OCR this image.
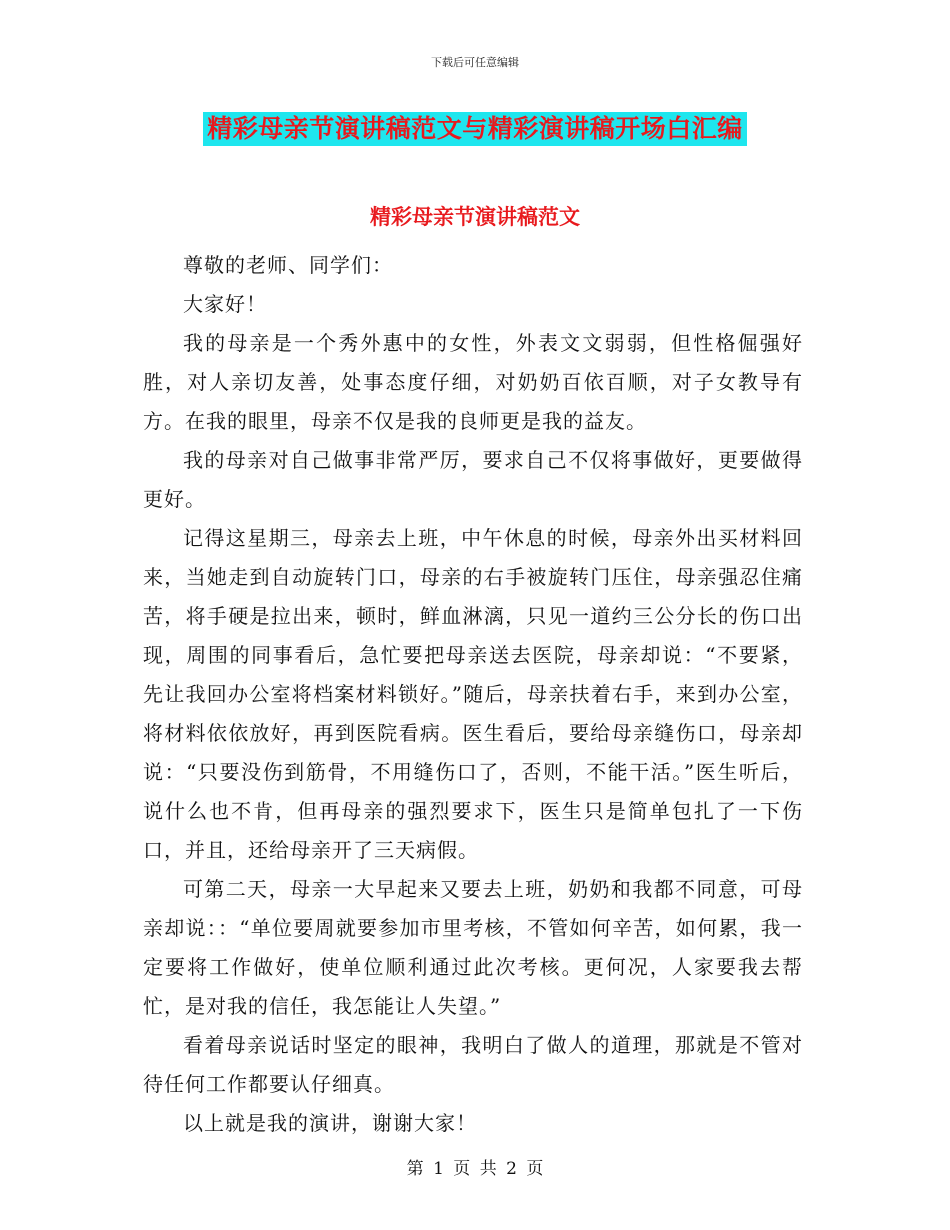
下载后可任意编辑
精彩母亲节演讲稿范文与精彩演讲稿开场白汇编
精彩母亲节演讲稿范文

尊敬的老师、同学们：

大家好！

我的母亲是一个秀外惠中的女性，外表文文弱弱，但性格倔强好胜，对人亲切友善，处事态度仔细，对奶奶百依百顺，对子女教导有方。在我的眼里，母亲不仅是我的良师更是我的益友。

我的母亲对自己做事非常严厉，要求自己不仅将事做好，更要做得更好。

记得这星期三，母亲去上班，中午休息的时候，母亲外出买材料回来，当她走到自动旋转门口，母亲的右手被旋转门压住，母亲强忍住痛苦，将手硬是拉出来，顿时，鲜血淋漓，只见一道约三公分长的伤口出现，周围的同事看后，急忙要把母亲送去医院，母亲却说：“不要紧，先让我回办公室将档案材料锁好。”随后，母亲扶着右手，来到办公室，将材料依依放好，再到医院看病。医生看后，要给母亲缝伤口，母亲却说：“只要没伤到筋骨，不用缝伤口了，否则，不能干活。”医生听后，说什么也不肯，但再母亲的强烈要求下，医生只是简单包扎了一下伤口，并且，还给母亲开了三天病假。

可第二天，母亲一大早起来又要去上班，奶奶和我都不同意，可母亲却说：：“单位要周就要参加市里考核，不管如何辛苦，如何累，我一定要将工作做好，使单位顺利通过此次考核。更何况，人家要我去帮忙，是对我的信任，我怎能让人失望。”

看着母亲说话时坚定的眼神，我明白了做人的道理，那就是不管对待任何工作都要认仔细真。

以上就是我的演讲，谢谢大家！

第 1 页 共 2 页
